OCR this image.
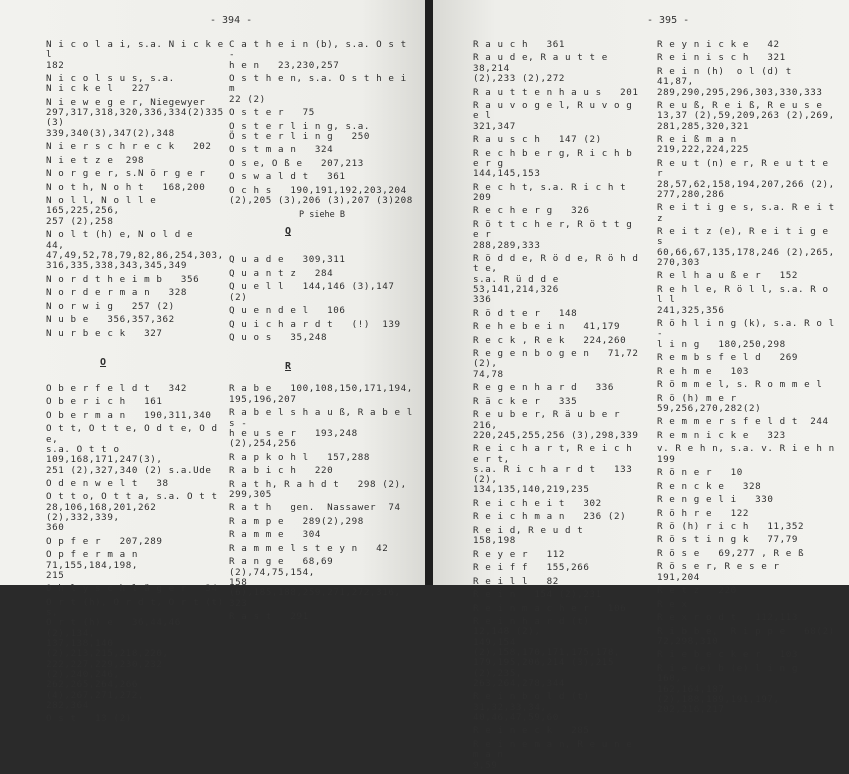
- 394 -
N i c o l a i, s.a. N i c k e l
182
N i c o l s u s, s.a.
N i c k e l   227
N i e w e g e r, Niegewyer
297,317,318,320,336,334(2)335(3)
339,340(3),347(2),348
N i e r s c h r e c k   202
N i e t z e  298
N o r g e r, s.N ö r g e r
N o t h, N o h t   168,200
N o l l, N o l l e   165,225,256,
257 (2),258
N o l t (h) e, N o l d e   44,
47,49,52,78,79,82,86,254,303,
316,335,338,343,345,349
N o r d t h e i m b   356
N o r d e r m a n   328
N o r w i g   257 (2)
N u b e   356,357,362
N u r b e c k   327
O
O b e r f e l d t   342
O b e r i c h   161
O b e r m a n   190,311,340
O t t, O t t e, O d t e, O d e,
s.a. O t t o   109,168,171,247(3),
251 (2),327,340 (2) s.a.Ude
O d e n w e l t   38
O t t o, O t t a, s.a. O t t
28,106,168,201,262 (2),332,339,
360
O p f e r   207,289
O p f e r m a n   71,155,184,198,
215
O h l y s c h l ä g e r   34
O r t (h), O r d t, O r t (t) s,
O r t (h) e   36,44,46 (2),134,
137,138,140 (2),213,215,218,220,
222,227,229,230,232 (2),240,246,
262,265,264,266 (4),267,271,272,
282,364
O s t   13 (2)
C a t h e i n (b), s.a. O s t -
h e n   23,230,257
O s t h e n, s.a. O s t h e i m
22 (2)
O s t e r   75
O s t e r l i n g, s.a.
Ö s t e r l i n g   250
O s t m a n   324
O s e, O ß e   207,213
O s w a l d t   361
O c h s   190,191,192,203,204
(2),205 (3),206 (3),207 (3)208
P siehe B
Q
Q u a d e   309,311
Q u a n t z   284
Q u e l l   144,146 (3),147 (2)
Q u e n d e l   106
Q u i c h a r d t   (!)  139
Q u o s   35,248
R
R a b e   100,108,150,171,194,
195,196,207
R a b e l s h a u ß, R a b e l s -
h e u s e r   193,248 (2),254,256
R a p k o h l   157,288
R a b i c h   220
R a t h, R a h d t   298 (2),
299,305
R a t h   gen.  Nassawer  74
R a m p e   289(2),298
R a m m e   304
R a m m e l s t e y n   42
R a n g e   68,69 (2),74,75,154,
158 (6),185,188,259,271,272,316,
323
R a s t   291
- 395 -
R a u c h   361
R a u d e, R a u t t e   38,214
(2),233 (2),272
R a u t t e n h a u s   201
R a u v o g e l, R u v o g e l
321,347
R a u s c h   147 (2)
R e c h b e r g, R i c h b e r g
144,145,153
R e c h t, s.a. R i c h t   209
R e c h e r g   326
R ö t t c h e r, R ö t t g e r
288,289,333
R ö d d e, R ö d e, R ö h d t e,
s.a. R ü d d e   53,141,214,326
336
R ö d t e r   148
R e h e b e i n   41,179
R e c k , R e k   224,260
R e g e n b o g e n   71,72 (2),
74,78
R e g e n h a r d   336
R ä c k e r   335
R e u b e r, R ä u b e r   216,
220,245,255,256 (3),298,339
R e i c h a r t, R e i c h e r t,
s.a. R i c h a r d t   133 (2),
134,135,140,219,235
R e i c h e i t   302
R e i c h m a n   236 (2)
R e i d, R e u d t   158,198
R e y e r   112
R e i f f   155,266
R e i l l   82
R e i n   154 (2),231
R e i n m a c h e r   106
R e i n h a r d (t)   12,148 (2),
149,154 (2),158,170,171,175,178,
179,195,206,214 (3),215 (2),235,
263,264,278,344
R e i n b o l d (t)   31,32,33,34,
40,46,47,59,60
R e i n e c k   285
R e i n e m a n, R e u n e m a n
9,59
R e y n i c k e   42
R e i n i s c h   321
R e i n (h)  o l (d) t   41,87,
289,290,295,296,303,330,333
R e u ß, R e i ß, R e u s e
13,37 (2),59,209,263 (2),269,
281,285,320,321
R e i ß m a n   219,222,224,225
R e u t (n) e r, R e u t t e r
28,57,62,158,194,207,266 (2),
277,280,286
R e i t i g e s, s.a. R e i t z
R e i t z (e), R e i t i g e s
60,66,67,135,178,246 (2),265,
270,303
R e l h a u ß e r   152
R e h l e, R ö l l, s.a. R o l l
241,325,356
R ö h l i n g (k), s.a. R o l -
l i n g   180,250,298
R e m b s f e l d   269
R e h m e   103
R ö m m e l, s. R o m m e l
R ö (h) m e r   59,256,270,282(2)
R e m m e r s f e l d t  244
R e m n i c k e   323
v. R e h n, s.a. v. R i e h n
199
R ö n e r   10
R e n c k e   328
R e n g e l i   330
R ö h r e   122
R ö (h) r i c h   11,352
R ö s t i n g k   77,79
R ö s e   69,277 , R e ß
R ö s e r, R e s e r   191,204
R e t z   220
R e x
R e x r o d t   112,113
R i b b e,  R i p p e   68(2)
72,298,310
R i e b e c k e r   103
R i e (e) b (e) l i n g   160,
162,164,187 (2),188,189,191,197,
202,216,217
